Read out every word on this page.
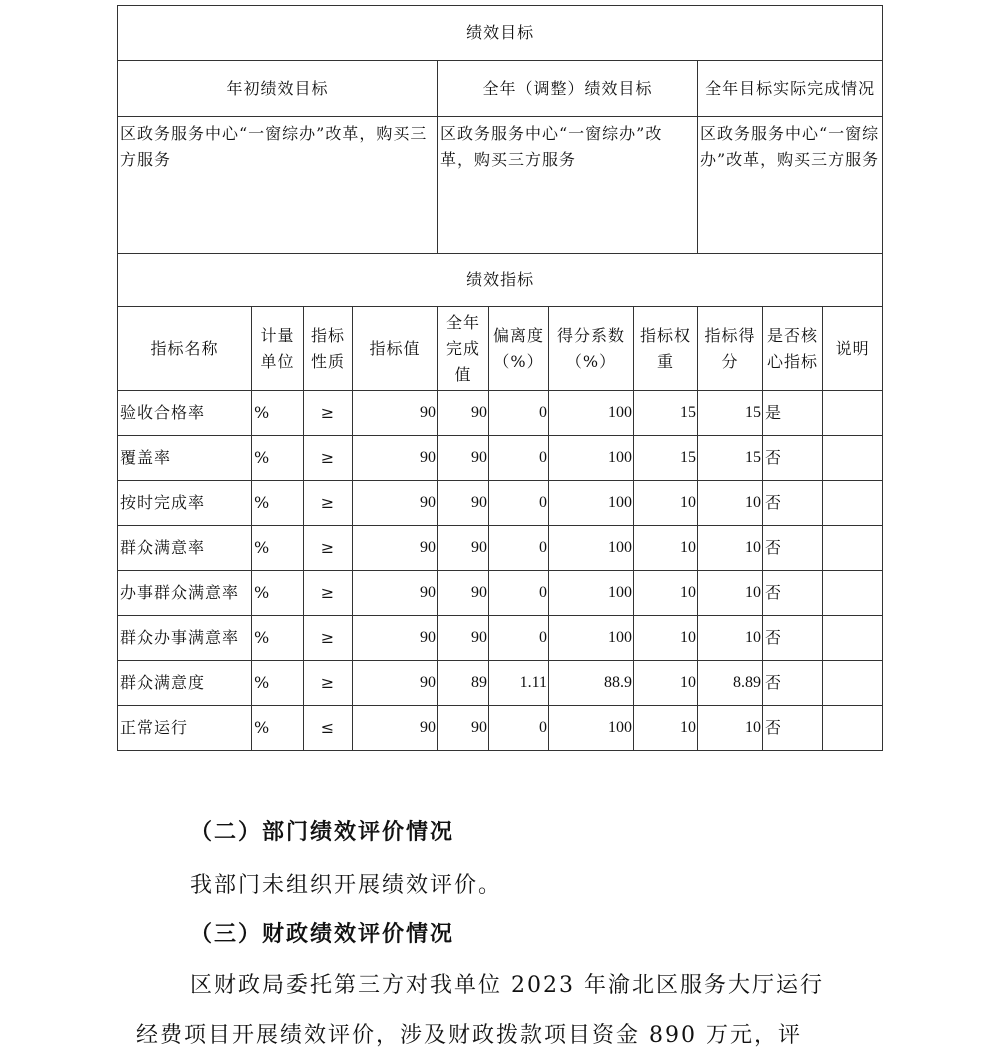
绩效目标										
年初绩效目标				全年（调整）绩效目标				全年目标实际完成情况		
区政务服务中心“一窗综办”改革，购买三方服务				区政务服务中心“一窗综办”改革，购买三方服务				区政务服务中心“一窗综办”改革，购买三方服务		
绩效指标										
指标名称	计量单位	指标性质	指标值	全年完成值	偏离度（%）	得分系数（%）	指标权重	指标得分	是否核心指标	说明
验收合格率	%	≥	90	90	0	100	15	15	是	
覆盖率	%	≥	90	90	0	100	15	15	否	
按时完成率	%	≥	90	90	0	100	10	10	否	
群众满意率	%	≥	90	90	0	100	10	10	否	
办事群众满意率	%	≥	90	90	0	100	10	10	否	
群众办事满意率	%	≥	90	90	0	100	10	10	否	
群众满意度	%	≥	90	89	1.11	88.9	10	8.89	否	
正常运行	%	≤	90	90	0	100	10	10	否	
（二）部门绩效评价情况
我部门未组织开展绩效评价。
（三）财政绩效评价情况
区财政局委托第三方对我单位 2023 年渝北区服务大厅运行
经费项目开展绩效评价，涉及财政拨款项目资金 890 万元，评
